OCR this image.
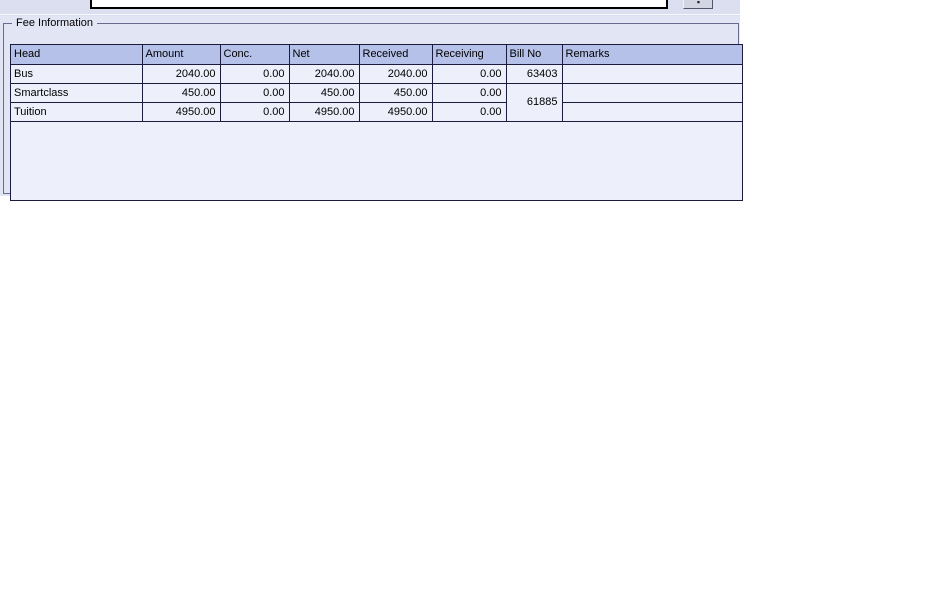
▪
Fee Information
Head	Amount	Conc.	Net	Received	Receiving	Bill No	Remarks
Bus	2040.00	0.00	2040.00	2040.00	0.00	63403	
Smartclass	450.00	0.00	450.00	450.00	0.00	61885	
Tuition	4950.00	0.00	4950.00	4950.00	0.00		
